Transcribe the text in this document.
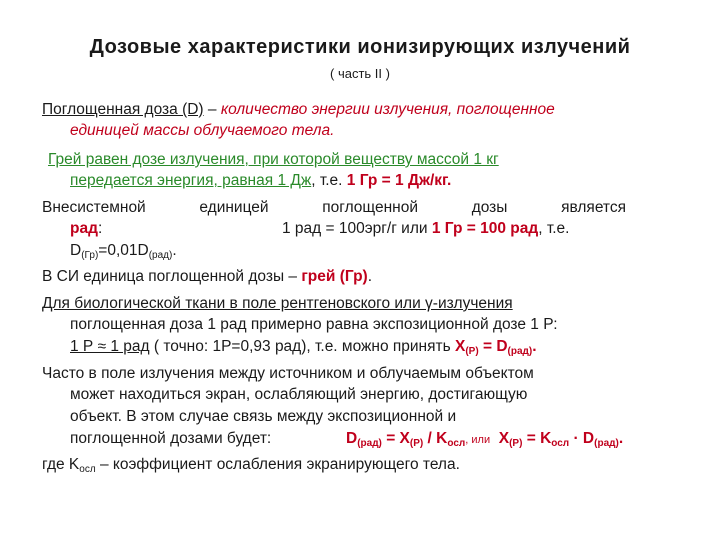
Дозовые характеристики ионизирующих излучений
( часть II )
Поглощенная доза (D) – количество энергии излучения, поглощенное
единицей массы облучаемого тела.
Грей равен дозе излучения, при которой веществу массой 1 кг
передается энергия, равная 1 Дж, т.е. 1 Гр = 1 Дж/кг.
Внесистемной	единицей	поглощенной	дозы	является
рад:	1 рад = 100эрг/г или 1 Гр = 100 рад, т.е.
$D_{(Гр)}=0,01D_{(рад)}$.
В СИ единица поглощенной дозы – грей (Гр).
Для биологической ткани в поле рентгеновского или γ-излучения
поглощенная доза 1 рад примерно равна экспозиционной дозе 1 Р:
1 Р ≈ 1 рад ( точно: 1Р=0,93 рад), т.е. можно принять $X_{(Р)} = D_{(рад)}$.
Часто в поле излучения между источником и облучаемым объектом
может находиться экран, ослабляющий энергию, достигающую
объект. В этом случае связь между экспозиционной и
поглощенной дозами будет:	$D_{(рад)} = X_{(Р)} / K_{осл}$, или $X_{(Р)} = K_{осл} \cdot D_{(рад)}$.
где $K_{осл}$ – коэффициент ослабления экранирующего тела.
